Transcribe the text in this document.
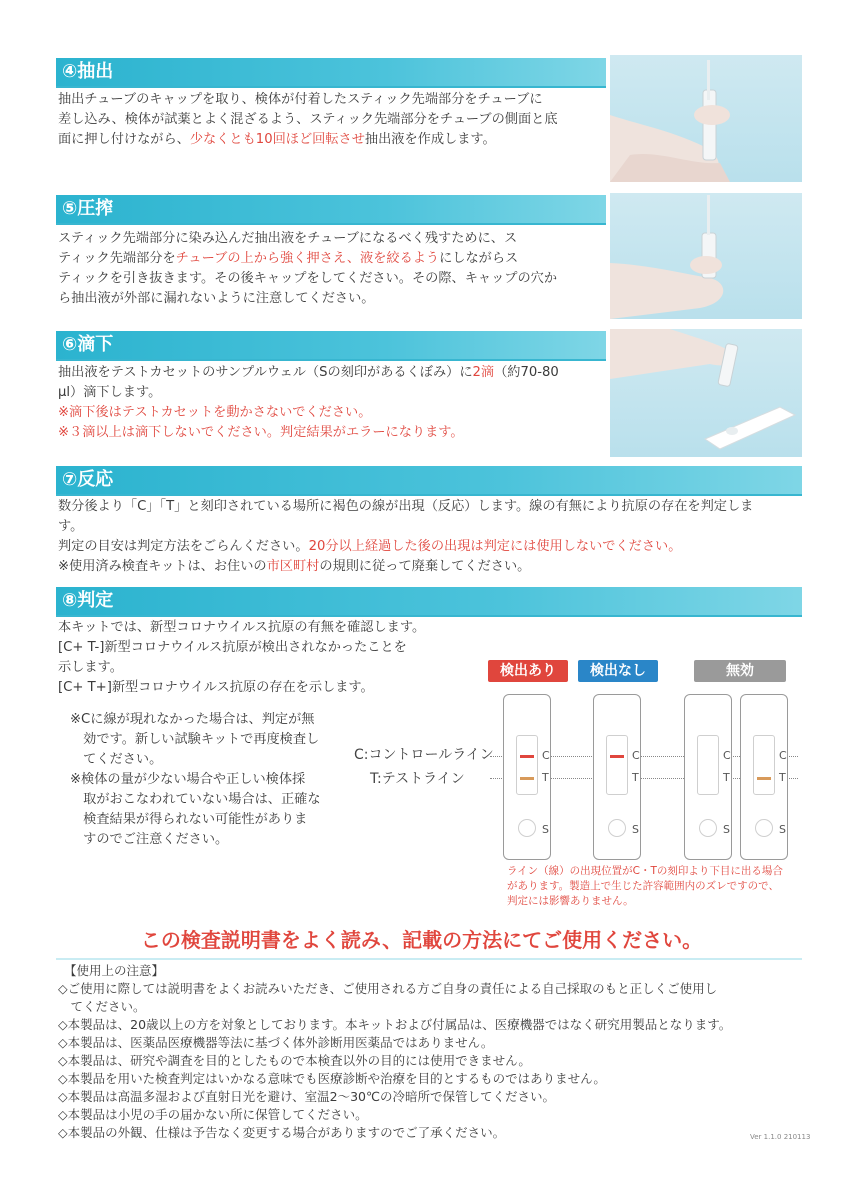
④抽出
抽出チューブのキャップを取り、検体が付着したスティック先端部分をチューブに
差し込み、検体が試薬とよく混ざるよう、スティック先端部分をチューブの側面と底
面に押し付けながら、少なくとも10回ほど回転させ抽出液を作成します。
⑤圧搾
スティック先端部分に染み込んだ抽出液をチューブになるべく残すために、ス
ティック先端部分をチューブの上から強く押さえ、液を絞るようにしながらス
ティックを引き抜きます。その後キャップをしてください。その際、キャップの穴か
ら抽出液が外部に漏れないように注意してください。
⑥滴下
抽出液をテストカセットのサンプルウェル（Sの刻印があるくぼみ）に2滴（約70-80
μl）滴下します。
※滴下後はテストカセットを動かさないでください。
※３滴以上は滴下しないでください。判定結果がエラーになります。
⑦反応
数分後より「C」「T」と刻印されている場所に褐色の線が出現（反応）します。線の有無により抗原の存在を判定しま
す。
判定の目安は判定方法をごらんください。20分以上経過した後の出現は判定には使用しないでください。
※使用済み検査キットは、お住いの市区町村の規則に従って廃棄してください。
⑧判定
本キットでは、新型コロナウイルス抗原の有無を確認します。
[C+ T-]新型コロナウイルス抗原が検出されなかったことを
示します。
[C+ T+]新型コロナウイルス抗原の存在を示します。
※Cに線が現れなかった場合は、判定が無
　効です。新しい試験キットで再度検査し
　てください。
※検体の量が少ない場合や正しい検体採
　取がおこなわれていない場合は、正確な
　検査結果が得られない可能性がありま
　すのでご注意ください。
検出あり	検出なし	無効
C:コントロールライン
T:テストライン
C
T
S
C
T
S
C
T
S
C
T
S
ライン（線）の出現位置がC・Tの刻印より下目に出る場合
があります。製造上で生じた許容範囲内のズレですので、
判定には影響ありません。
この検査説明書をよく読み、記載の方法にてご使用ください。
【使用上の注意】
◇ご使用に際しては説明書をよくお読みいただき、ご使用される方ご自身の責任による自己採取のもと正しくご使用し
　てください。
◇本製品は、20歳以上の方を対象としております。本キットおよび付属品は、医療機器ではなく研究用製品となります。
◇本製品は、医薬品医療機器等法に基づく体外診断用医薬品ではありません。
◇本製品は、研究や調査を目的としたもので本検査以外の目的には使用できません。
◇本製品を用いた検査判定はいかなる意味でも医療診断や治療を目的とするものではありません。
◇本製品は高温多湿および直射日光を避け、室温2〜30℃の冷暗所で保管してください。
◇本製品は小児の手の届かない所に保管してください。
◇本製品の外観、仕様は予告なく変更する場合がありますのでご了承ください。	Ver 1.1.0 210113
